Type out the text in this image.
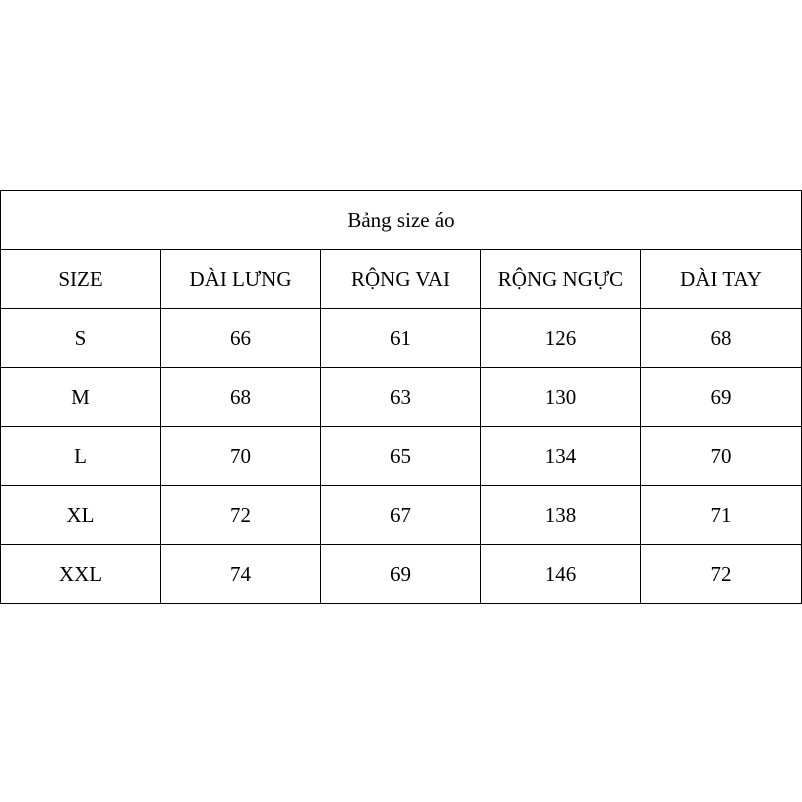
Bảng size áo				
SIZE	DÀI LƯNG	RỘNG VAI	RỘNG NGỰC	DÀI TAY
S	66	61	126	68
M	68	63	130	69
L	70	65	134	70
XL	72	67	138	71
XXL	74	69	146	72
